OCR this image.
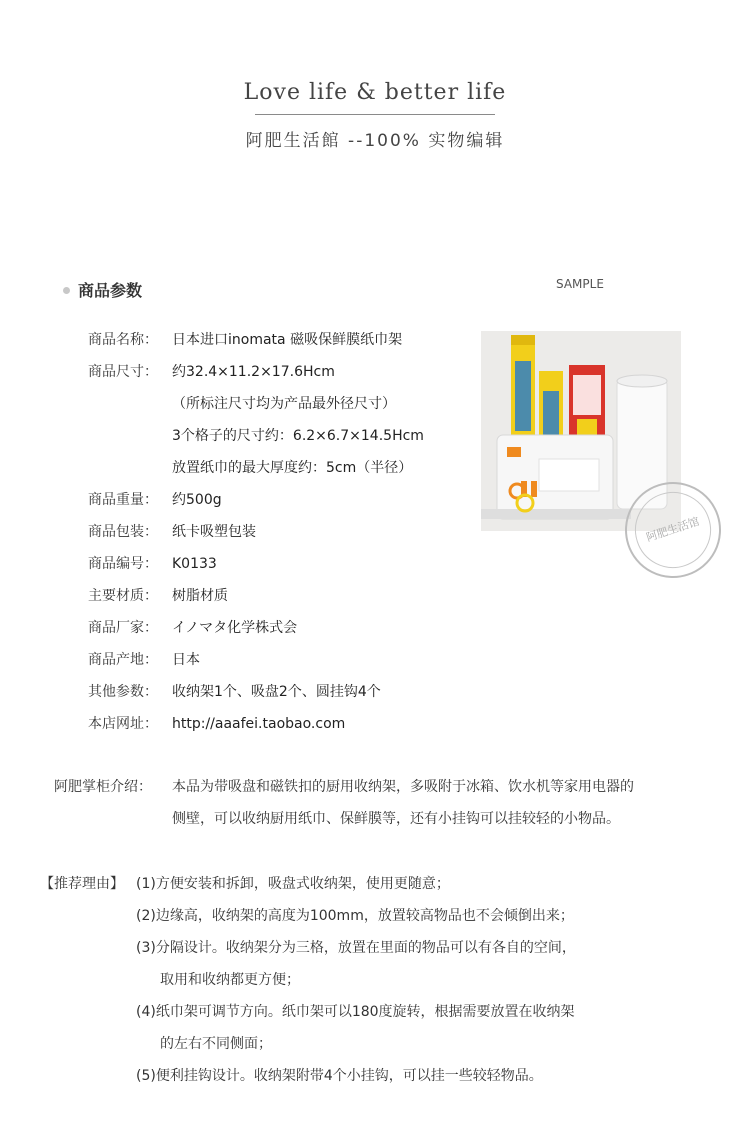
Love life & better life
阿肥生活館 --100% 实物编辑
商品参数	SAMPLE
商品名称： 日本进口inomata 磁吸保鲜膜纸巾架
商品尺寸： 约32.4×11.2×17.6Hcm
（所标注尺寸均为产品最外径尺寸）
3个格子的尺寸约：6.2×6.7×14.5Hcm
放置纸巾的最大厚度约：5cm（半径）
商品重量： 约500g
商品包装： 纸卡吸塑包装
商品编号： K0133
主要材质： 树脂材质
商品厂家： イノマタ化学株式会
商品产地： 日本
其他参数： 收纳架1个、吸盘2个、圆挂钩4个
本店网址： http://aaafei.taobao.com
阿肥生活馆
阿肥掌柜介绍： 本品为带吸盘和磁铁扣的厨用收纳架，多吸附于冰箱、饮水机等家用电器的
侧壁，可以收纳厨用纸巾、保鲜膜等，还有小挂钩可以挂较轻的小物品。
【推荐理由】 (1)方便安装和拆卸，吸盘式收纳架，使用更随意；
(2)边缘高，收纳架的高度为100mm，放置较高物品也不会倾倒出来；
(3)分隔设计。收纳架分为三格，放置在里面的物品可以有各自的空间，
取用和收纳都更方便；
(4)纸巾架可调节方向。纸巾架可以180度旋转，根据需要放置在收纳架
的左右不同侧面；
(5)便利挂钩设计。收纳架附带4个小挂钩，可以挂一些较轻物品。
